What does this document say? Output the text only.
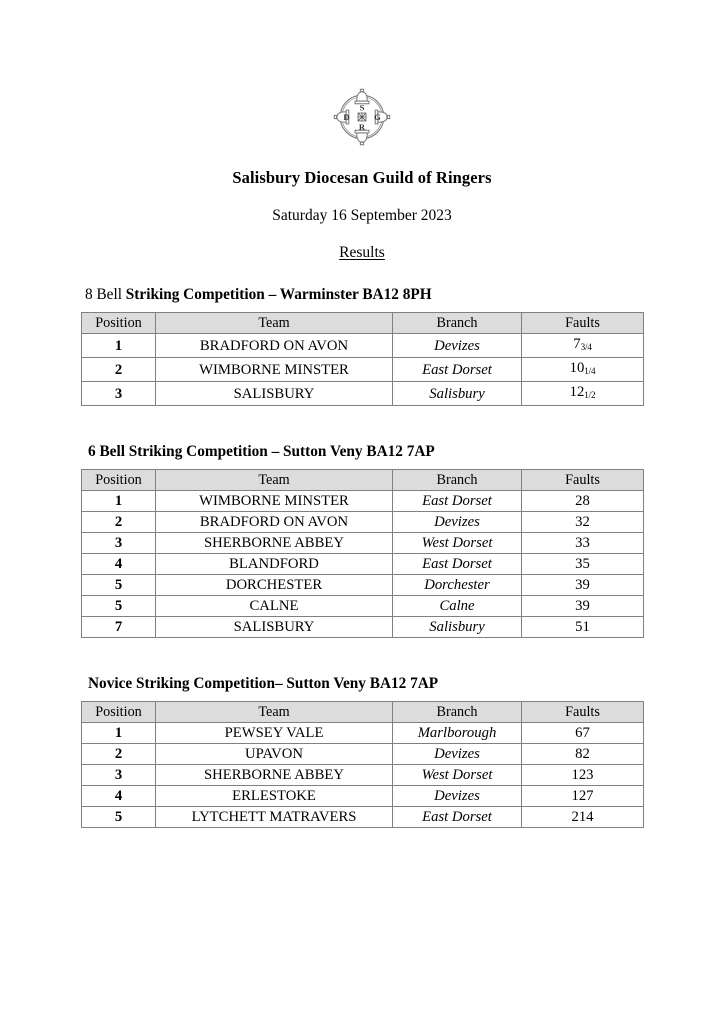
S
D G
R
Salisbury Diocesan Guild of Ringers
Saturday 16 September 2023
Results
8 Bell Striking Competition – Warminster BA12 8PH
Position	Team	Branch	Faults
1	BRADFORD ON AVON	Devizes	73/4
2	WIMBORNE MINSTER	East Dorset	101/4
3	SALISBURY	Salisbury	121/2
6 Bell Striking Competition – Sutton Veny BA12 7AP
Position	Team	Branch	Faults
1	WIMBORNE MINSTER	East Dorset	28
2	BRADFORD ON AVON	Devizes	32
3	SHERBORNE ABBEY	West Dorset	33
4	BLANDFORD	East Dorset	35
5	DORCHESTER	Dorchester	39
5	CALNE	Calne	39
7	SALISBURY	Salisbury	51
Novice Striking Competition– Sutton Veny BA12 7AP
Position	Team	Branch	Faults
1	PEWSEY VALE	Marlborough	67
2	UPAVON	Devizes	82
3	SHERBORNE ABBEY	West Dorset	123
4	ERLESTOKE	Devizes	127
5	LYTCHETT MATRAVERS	East Dorset	214
